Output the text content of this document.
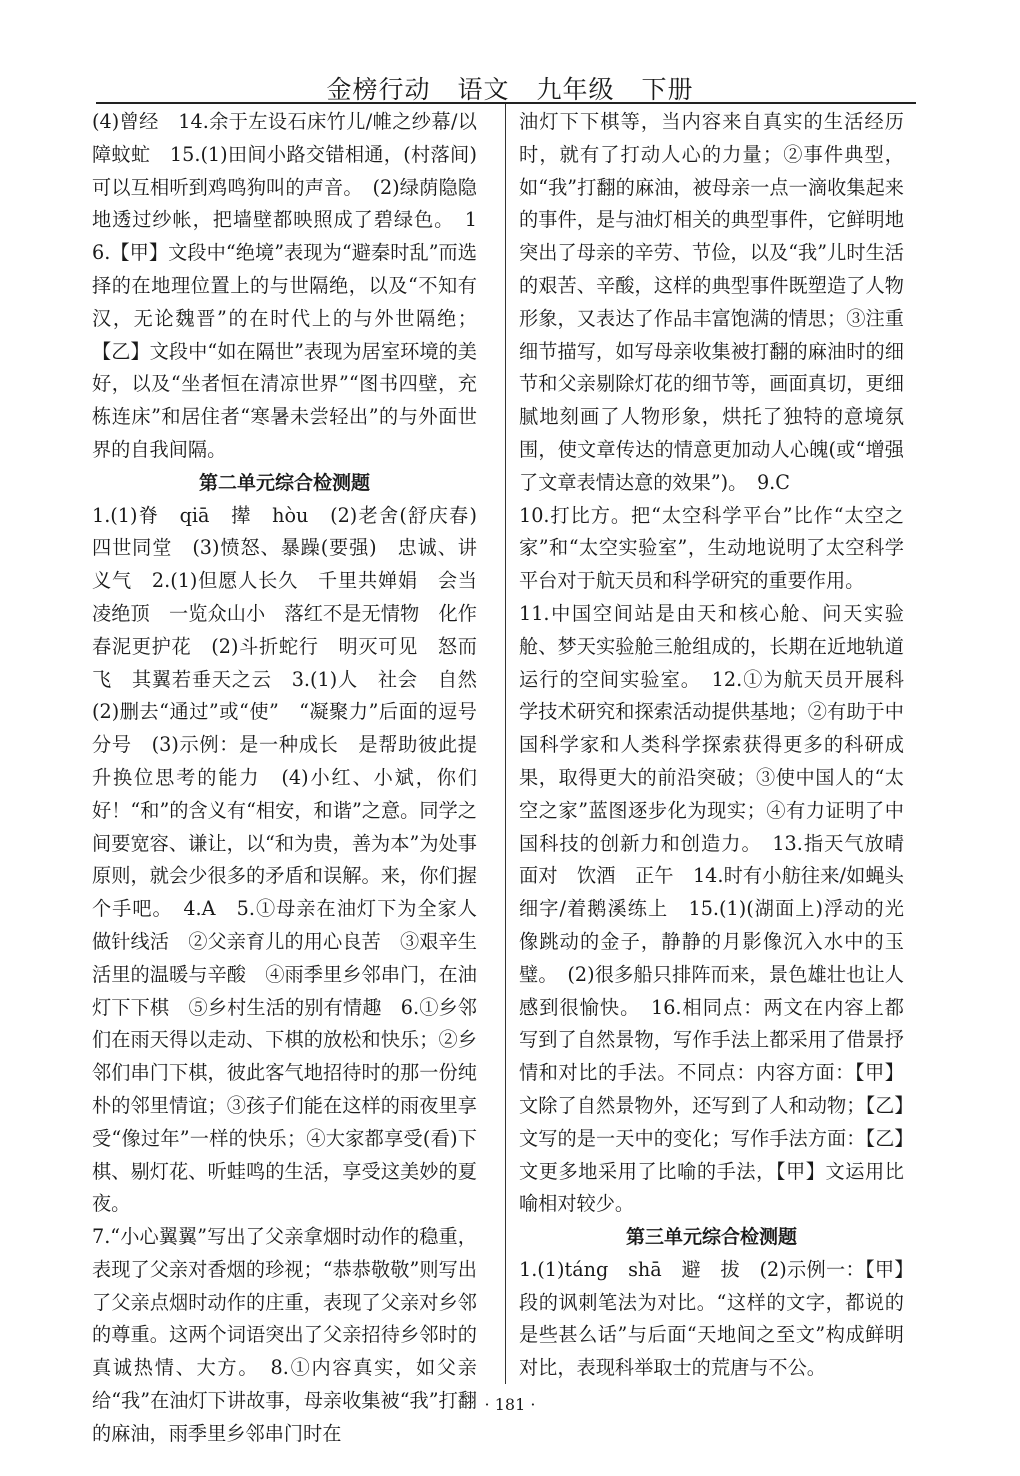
金榜行动 语文 九年级 下册

(4)曾经　14.余于左设石床竹儿/帷之纱幕/以障蚊虻　15.(1)田间小路交错相通，(村落间)可以互相听到鸡鸣狗叫的声音。　(2)绿荫隐隐地透过纱帐，把墙壁都映照成了碧绿色。　16.【甲】文段中“绝境”表现为“避秦时乱”而选择的在地理位置上的与世隔绝，以及“不知有汉，无论魏晋”的在时代上的与外世隔绝；【乙】文段中“如在隔世”表现为居室环境的美好，以及“坐者恒在清凉世界”“图书四壁，充栋连床”和居住者“寒暑未尝轻出”的与外面世界的自我间隔。

第二单元综合检测题

1.(1)脊　qiā　撵　hòu　(2)老舍(舒庆春)　四世同堂　(3)愤怒、暴躁(要强)　忠诚、讲义气　2.(1)但愿人长久　千里共婵娟　会当凌绝顶　一览众山小　落红不是无情物　化作春泥更护花　(2)斗折蛇行　明灭可见　怒而飞　其翼若垂天之云　3.(1)人　社会　自然　(2)删去“通过”或“使”　“凝聚力”后面的逗号　分号　(3)示例：是一种成长　是帮助彼此提升换位思考的能力　(4)小红、小斌，你们好！“和”的含义有“相安，和谐”之意。同学之间要宽容、谦让，以“和为贵，善为本”为处事原则，就会少很多的矛盾和误解。来，你们握个手吧。　4.A　5.①母亲在油灯下为全家人做针线活　②父亲育儿的用心良苦　③艰辛生活里的温暖与辛酸　④雨季里乡邻串门，在油灯下下棋　⑤乡村生活的别有情趣　6.①乡邻们在雨天得以走动、下棋的放松和快乐；②乡邻们串门下棋，彼此客气地招待时的那一份纯朴的邻里情谊；③孩子们能在这样的雨夜里享受“像过年”一样的快乐；④大家都享受(看)下棋、剔灯花、听蛙鸣的生活，享受这美妙的夏夜。

7.“小心翼翼”写出了父亲拿烟时动作的稳重，表现了父亲对香烟的珍视；“恭恭敬敬”则写出了父亲点烟时动作的庄重，表现了父亲对乡邻的尊重。这两个词语突出了父亲招待乡邻时的真诚热情、大方。　8.①内容真实，如父亲给“我”在油灯下讲故事，母亲收集被“我”打翻的麻油，雨季里乡邻串门时在

油灯下下棋等，当内容来自真实的生活经历时，就有了打动人心的力量；②事件典型，如“我”打翻的麻油，被母亲一点一滴收集起来的事件，是与油灯相关的典型事件，它鲜明地突出了母亲的辛劳、节俭，以及“我”儿时生活的艰苦、辛酸，这样的典型事件既塑造了人物形象，又表达了作品丰富饱满的情思；③注重细节描写，如写母亲收集被打翻的麻油时的细节和父亲剔除灯花的细节等，画面真切，更细腻地刻画了人物形象，烘托了独特的意境氛围，使文章传达的情意更加动人心魄(或“增强了文章表情达意的效果”)。　9.C

10.打比方。把“太空科学平台”比作“太空之家”和“太空实验室”，生动地说明了太空科学平台对于航天员和科学研究的重要作用。

11.中国空间站是由天和核心舱、问天实验舱、梦天实验舱三舱组成的，长期在近地轨道运行的空间实验室。　12.①为航天员开展科学技术研究和探索活动提供基地；②有助于中国科学家和人类科学探索获得更多的科研成果，取得更大的前沿突破；③使中国人的“太空之家”蓝图逐步化为现实；④有力证明了中国科技的创新力和创造力。　13.指天气放晴　面对　饮酒　正午　14.时有小舫往来/如蝇头细字/着鹅溪练上　15.(1)(湖面上)浮动的光像跳动的金子，静静的月影像沉入水中的玉璧。　(2)很多船只排阵而来，景色雄壮也让人感到很愉快。　16.相同点：两文在内容上都写到了自然景物，写作手法上都采用了借景抒情和对比的手法。不同点：内容方面：【甲】文除了自然景物外，还写到了人和动物；【乙】文写的是一天中的变化；写作手法方面：【乙】文更多地采用了比喻的手法，【甲】文运用比喻相对较少。

第三单元综合检测题

1.(1)táng　shā　避　拔　(2)示例一：【甲】段的讽刺笔法为对比。“这样的文字，都说的是些甚么话”与后面“天地间之至文”构成鲜明对比，表现科举取士的荒唐与不公。

· 181 ·
